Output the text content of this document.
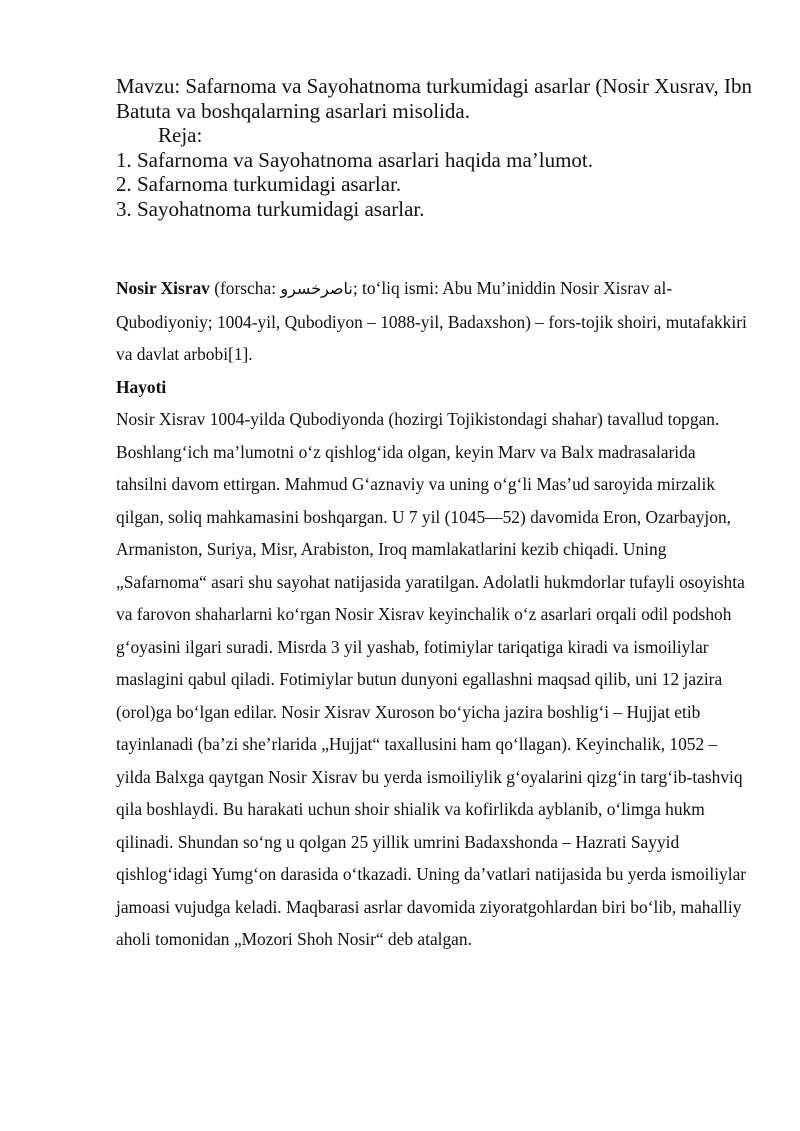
Mavzu: Safarnoma va Sayohatnoma turkumidagi asarlar (Nosir Xusrav, Ibn Batuta va boshqalarning asarlari misolida.
Reja:
1. Safarnoma va Sayohatnoma asarlari haqida ma’lumot.
2. Safarnoma turkumidagi asarlar.
3. Sayohatnoma turkumidagi asarlar.

Nosir Xisrav (forscha: ناصرخسرو; to‘liq ismi: Abu Mu’iniddin Nosir Xisrav al-Qubodiyoniy; 1004-yil, Qubodiyon – 1088-yil, Badaxshon) – fors-tojik shoiri, mutafakkiri va davlat arbobi[1].

Hayoti

Nosir Xisrav 1004-yilda Qubodiyonda (hozirgi Tojikistondagi shahar) tavallud topgan. Boshlang‘ich ma’lumotni o‘z qishlog‘ida olgan, keyin Marv va Balx madrasalarida tahsilni davom ettirgan. Mahmud G‘aznaviy va uning o‘g‘li Mas’ud saroyida mirzalik qilgan, soliq mahkamasini boshqargan. U 7 yil (1045—52) davomida Eron, Ozarbayjon, Armaniston, Suriya, Misr, Arabiston, Iroq mamlakatlarini kezib chiqadi. Uning „Safarnoma“ asari shu sayohat natijasida yaratilgan. Adolatli hukmdorlar tufayli osoyishta va farovon shaharlarni ko‘rgan Nosir Xisrav keyinchalik o‘z asarlari orqali odil podshoh g‘oyasini ilgari suradi. Misrda 3 yil yashab, fotimiylar tariqatiga kiradi va ismoiliylar maslagini qabul qiladi. Fotimiylar butun dunyoni egallashni maqsad qilib, uni 12 jazira (orol)ga bo‘lgan edilar. Nosir Xisrav Xuroson bo‘yicha jazira boshlig‘i – Hujjat etib tayinlanadi (ba’zi she’rlarida „Hujjat“ taxallusini ham qo‘llagan). Keyinchalik, 1052 – yilda Balxga qaytgan Nosir Xisrav bu yerda ismoiliylik g‘oyalarini qizg‘in targ‘ib-tashviq qila boshlaydi. Bu harakati uchun shoir shialik va kofirlikda ayblanib, o‘limga hukm qilinadi. Shundan so‘ng u qolgan 25 yillik umrini Badaxshonda – Hazrati Sayyid qishlog‘idagi Yumg‘on darasida o‘tkazadi. Uning da’vatlari natijasida bu yerda ismoiliylar jamoasi vujudga keladi. Maqbarasi asrlar davomida ziyoratgohlardan biri bo‘lib, mahalliy aholi tomonidan „Mozori Shoh Nosir“ deb atalgan.
